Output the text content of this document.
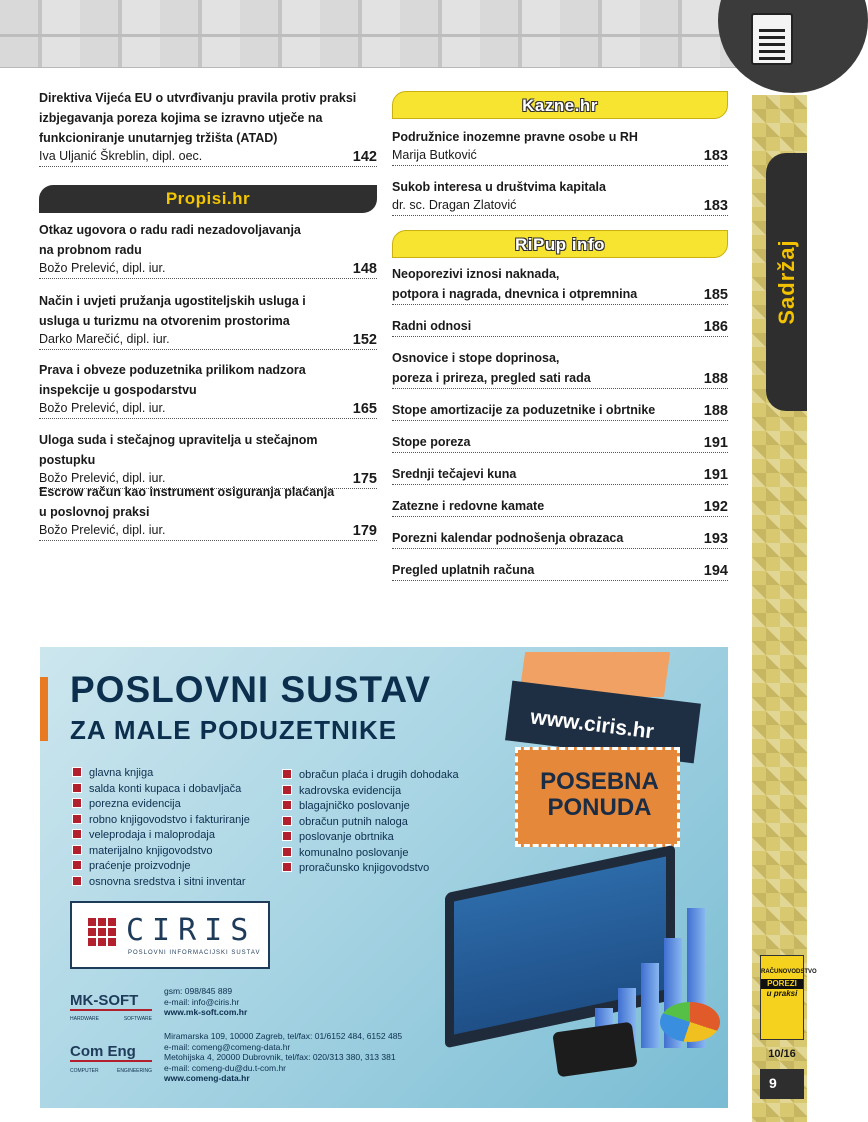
Sadržaj
RAČUNOVODSTVO
POREZI
u praksi
10/16
9
Direktiva Vijeća EU o utvrđivanju pravila protiv praksi
izbjegavanja poreza kojima se izravno utječe na
funkcioniranje unutarnjeg tržišta (ATAD)
Iva Uljanić Škreblin, dipl. oec.	142
Propisi.hr
Otkaz ugovora o radu radi nezadovoljavanja
na probnom radu
Božo Prelević, dipl. iur.	148
Način i uvjeti pružanja ugostiteljskih usluga i
usluga u turizmu na otvorenim prostorima
Darko Marečić, dipl. iur.	152
Prava i obveze poduzetnika prilikom nadzora
inspekcije u gospodarstvu
Božo Prelević, dipl. iur.	165
Uloga suda i stečajnog upravitelja u stečajnom postupku
Božo Prelević, dipl. iur.	175
Escrow račun kao instrument osiguranja plaćanja
u poslovnoj praksi
Božo Prelević, dipl. iur.	179
Kazne.hr
Podružnice inozemne pravne osobe u RH
Marija Butković	183
Sukob interesa u društvima kapitala
dr. sc. Dragan Zlatović	183
RiPup info
Neoporezivi iznosi naknada,
potpora i nagrada, dnevnica i otpremnina	185
Radni odnosi	186
Osnovice i stope doprinosa,
poreza i prireza, pregled sati rada	188
Stope amortizacije za poduzetnike i obrtnike	188
Stope poreza	191
Srednji tečajevi kuna	191
Zatezne i redovne kamate	192
Porezni kalendar podnošenja obrazaca	193
Pregled uplatnih računa	194
POSLOVNI SUSTAV
ZA MALE PODUZETNIKE
glavna knjiga
salda konti kupaca i dobavljača
porezna evidencija
robno knjigovodstvo i fakturiranje
veleprodaja i maloprodaja
materijalno knjigovodstvo
praćenje proizvodnje
osnovna sredstva i sitni inventar
obračun plaća i drugih dohodaka
kadrovska evidencija
blagajničko poslovanje
obračun putnih naloga
poslovanje obrtnika
komunalno poslovanje
proračunsko knjigovodstvo
CIRIS
POSLOVNI INFORMACIJSKI SUSTAV
MK-SOFT
HARDWARE	SOFTWARE
gsm: 098/845 889
e-mail: info@ciris.hr
www.mk-soft.com.hr
Com Eng
COMPUTER	ENGINEERING
Miramarska 109, 10000 Zagreb, tel/fax: 01/6152 484, 6152 485
e-mail: comeng@comeng-data.hr
Metohijska 4, 20000 Dubrovnik, tel/fax: 020/313 380, 313 381
e-mail: comeng-du@du.t-com.hr
www.comeng-data.hr
www.ciris.hr
POSEBNA
PONUDA
